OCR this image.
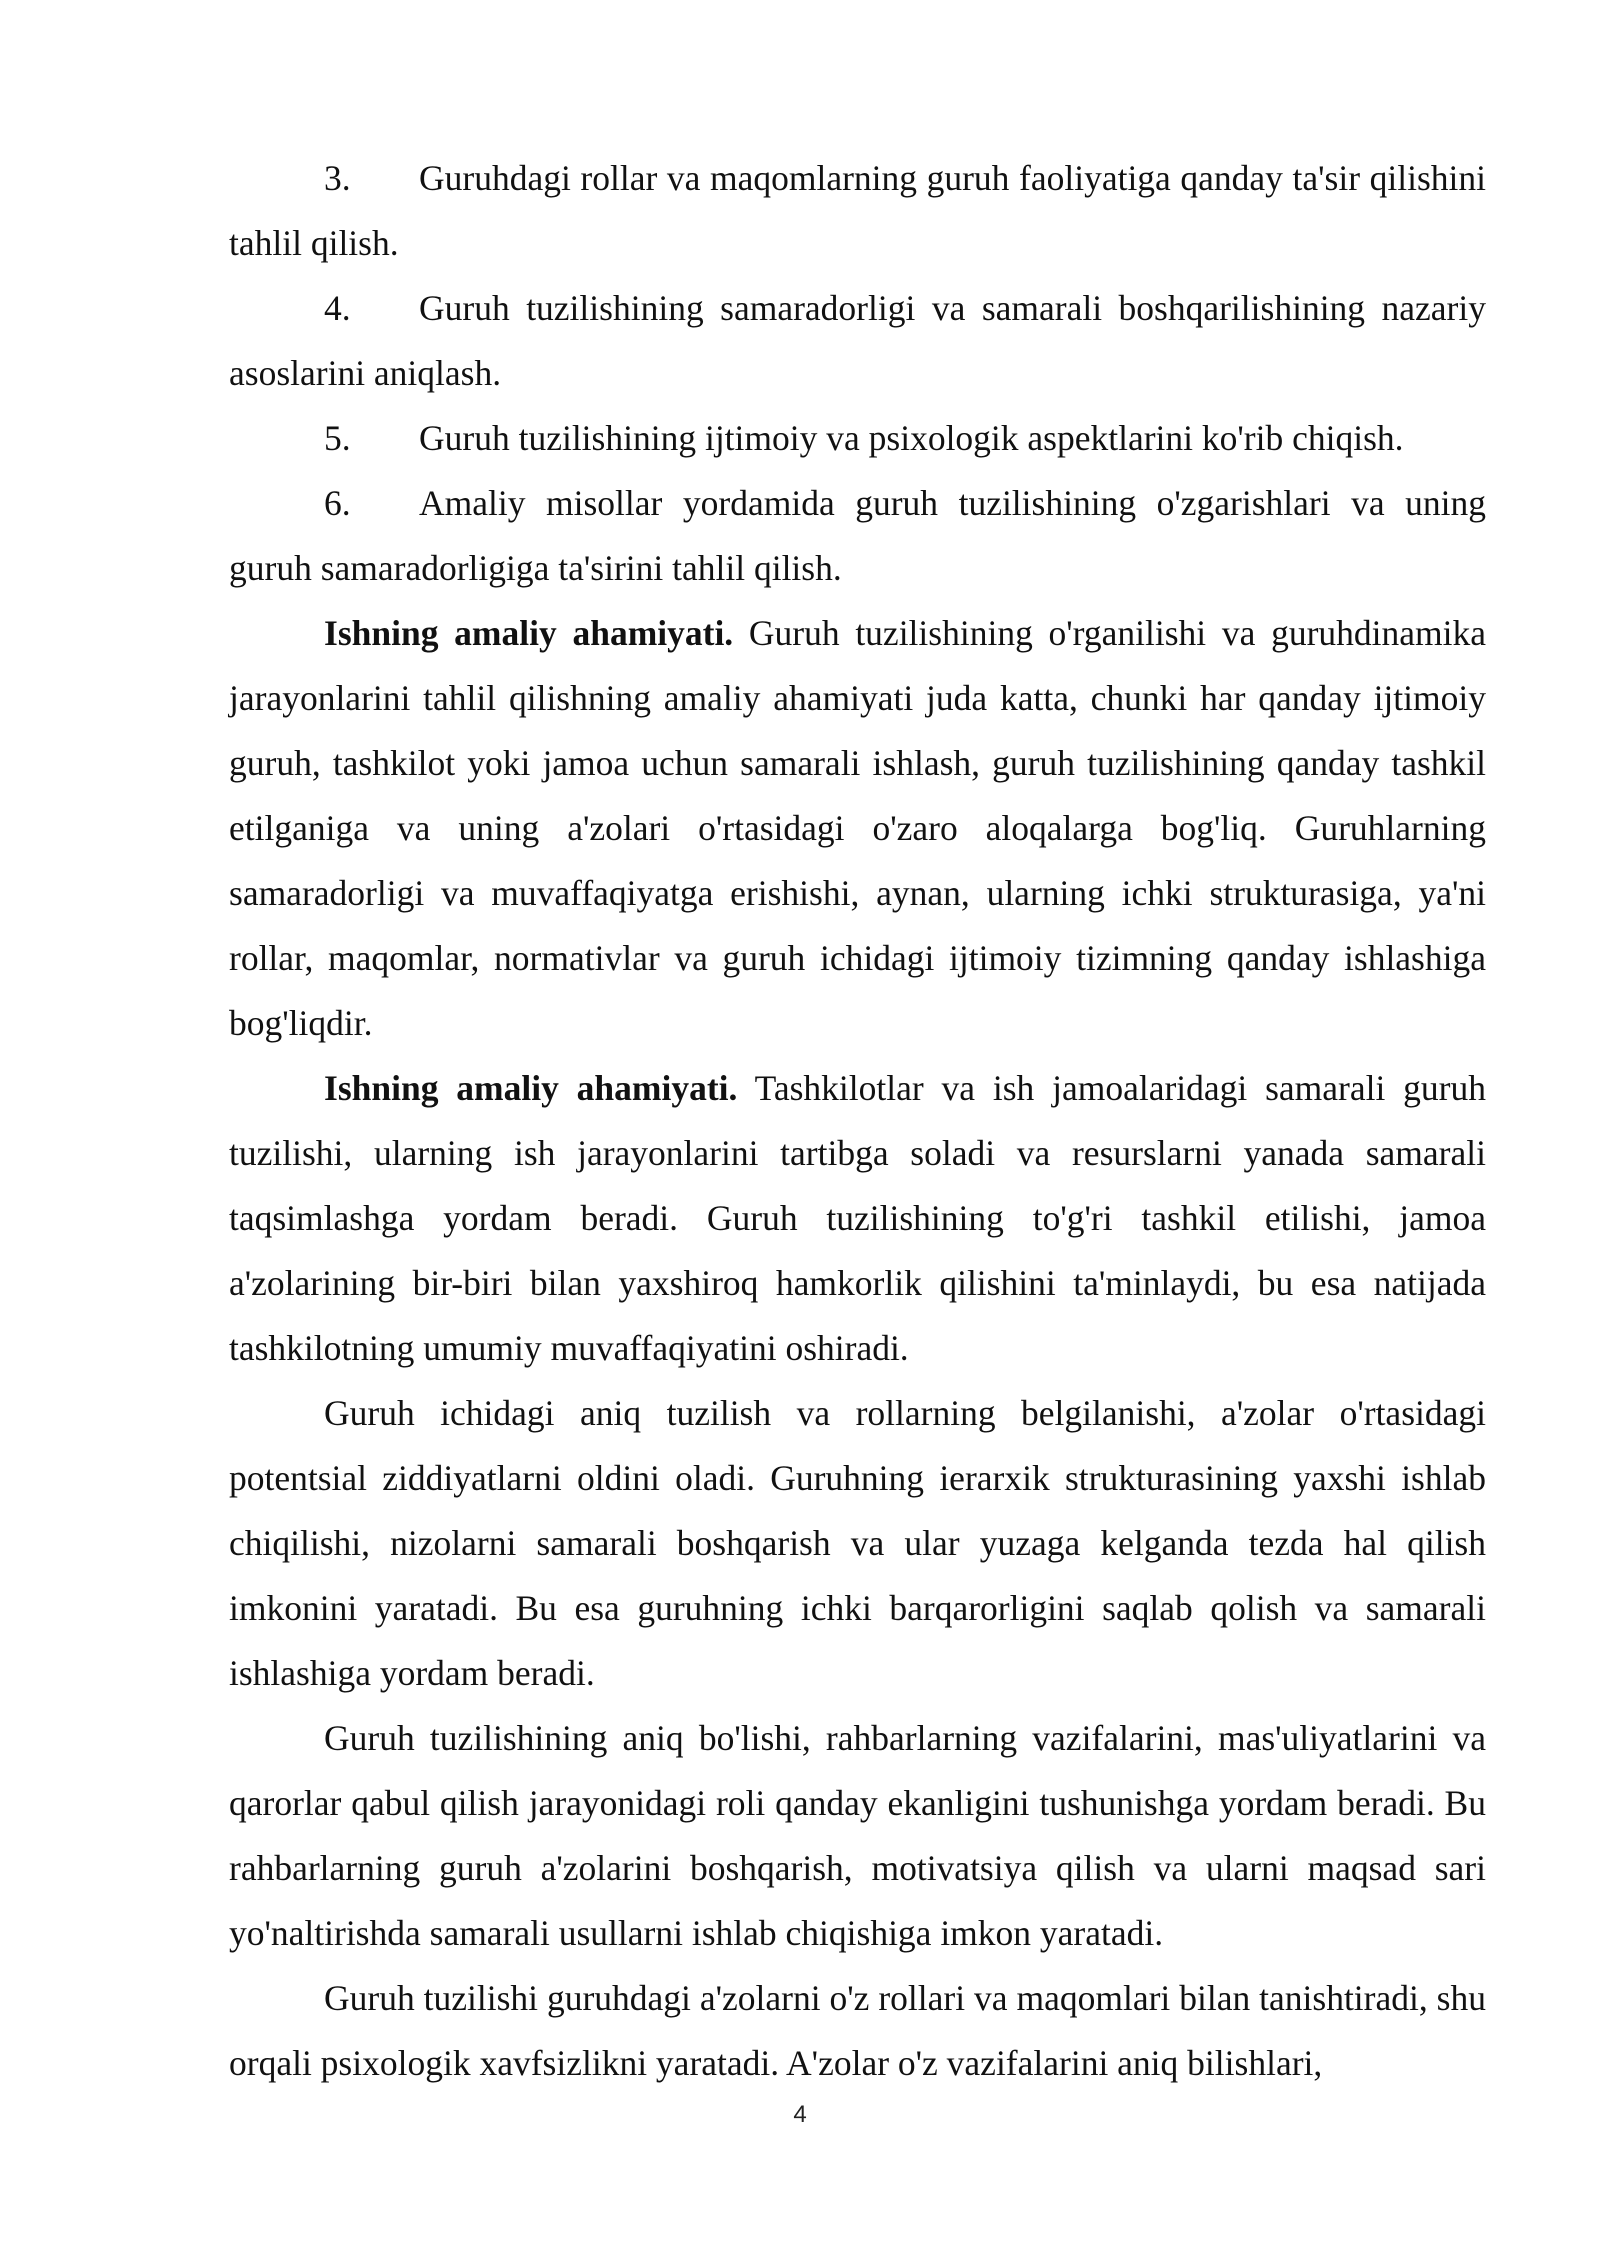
3. Guruhdagi rollar va maqomlarning guruh faoliyatiga qanday ta'sir qilishini tahlil qilish.

4. Guruh tuzilishining samaradorligi va samarali boshqarilishining nazariy asoslarini aniqlash.

5. Guruh tuzilishining ijtimoiy va psixologik aspektlarini ko'rib chiqish.

6. Amaliy misollar yordamida guruh tuzilishining o'zgarishlari va uning guruh samaradorligiga ta'sirini tahlil qilish.

Ishning amaliy ahamiyati. Guruh tuzilishining o'rganilishi va guruhdinamika jarayonlarini tahlil qilishning amaliy ahamiyati juda katta, chunki har qanday ijtimoiy guruh, tashkilot yoki jamoa uchun samarali ishlash, guruh tuzilishining qanday tashkil etilganiga va uning a'zolari o'rtasidagi o'zaro aloqalarga bog'liq. Guruhlarning samaradorligi va muvaffaqiyatga erishishi, aynan, ularning ichki strukturasiga, ya'ni rollar, maqomlar, normativlar va guruh ichidagi ijtimoiy tizimning qanday ishlashiga bog'liqdir.

Ishning amaliy ahamiyati. Tashkilotlar va ish jamoalaridagi samarali guruh tuzilishi, ularning ish jarayonlarini tartibga soladi va resurslarni yanada samarali taqsimlashga yordam beradi. Guruh tuzilishining to'g'ri tashkil etilishi, jamoa a'zolarining bir-biri bilan yaxshiroq hamkorlik qilishini ta'minlaydi, bu esa natijada tashkilotning umumiy muvaffaqiyatini oshiradi.

Guruh ichidagi aniq tuzilish va rollarning belgilanishi, a'zolar o'rtasidagi potentsial ziddiyatlarni oldini oladi. Guruhning ierarxik strukturasining yaxshi ishlab chiqilishi, nizolarni samarali boshqarish va ular yuzaga kelganda tezda hal qilish imkonini yaratadi. Bu esa guruhning ichki barqarorligini saqlab qolish va samarali ishlashiga yordam beradi.

Guruh tuzilishining aniq bo'lishi, rahbarlarning vazifalarini, mas'uliyatlarini va qarorlar qabul qilish jarayonidagi roli qanday ekanligini tushunishga yordam beradi. Bu rahbarlarning guruh a'zolarini boshqarish, motivatsiya qilish va ularni maqsad sari yo'naltirishda samarali usullarni ishlab chiqishiga imkon yaratadi.

Guruh tuzilishi guruhdagi a'zolarni o'z rollari va maqomlari bilan tanishtiradi, shu orqali psixologik xavfsizlikni yaratadi. A'zolar o'z vazifalarini aniq bilishlari,

4
